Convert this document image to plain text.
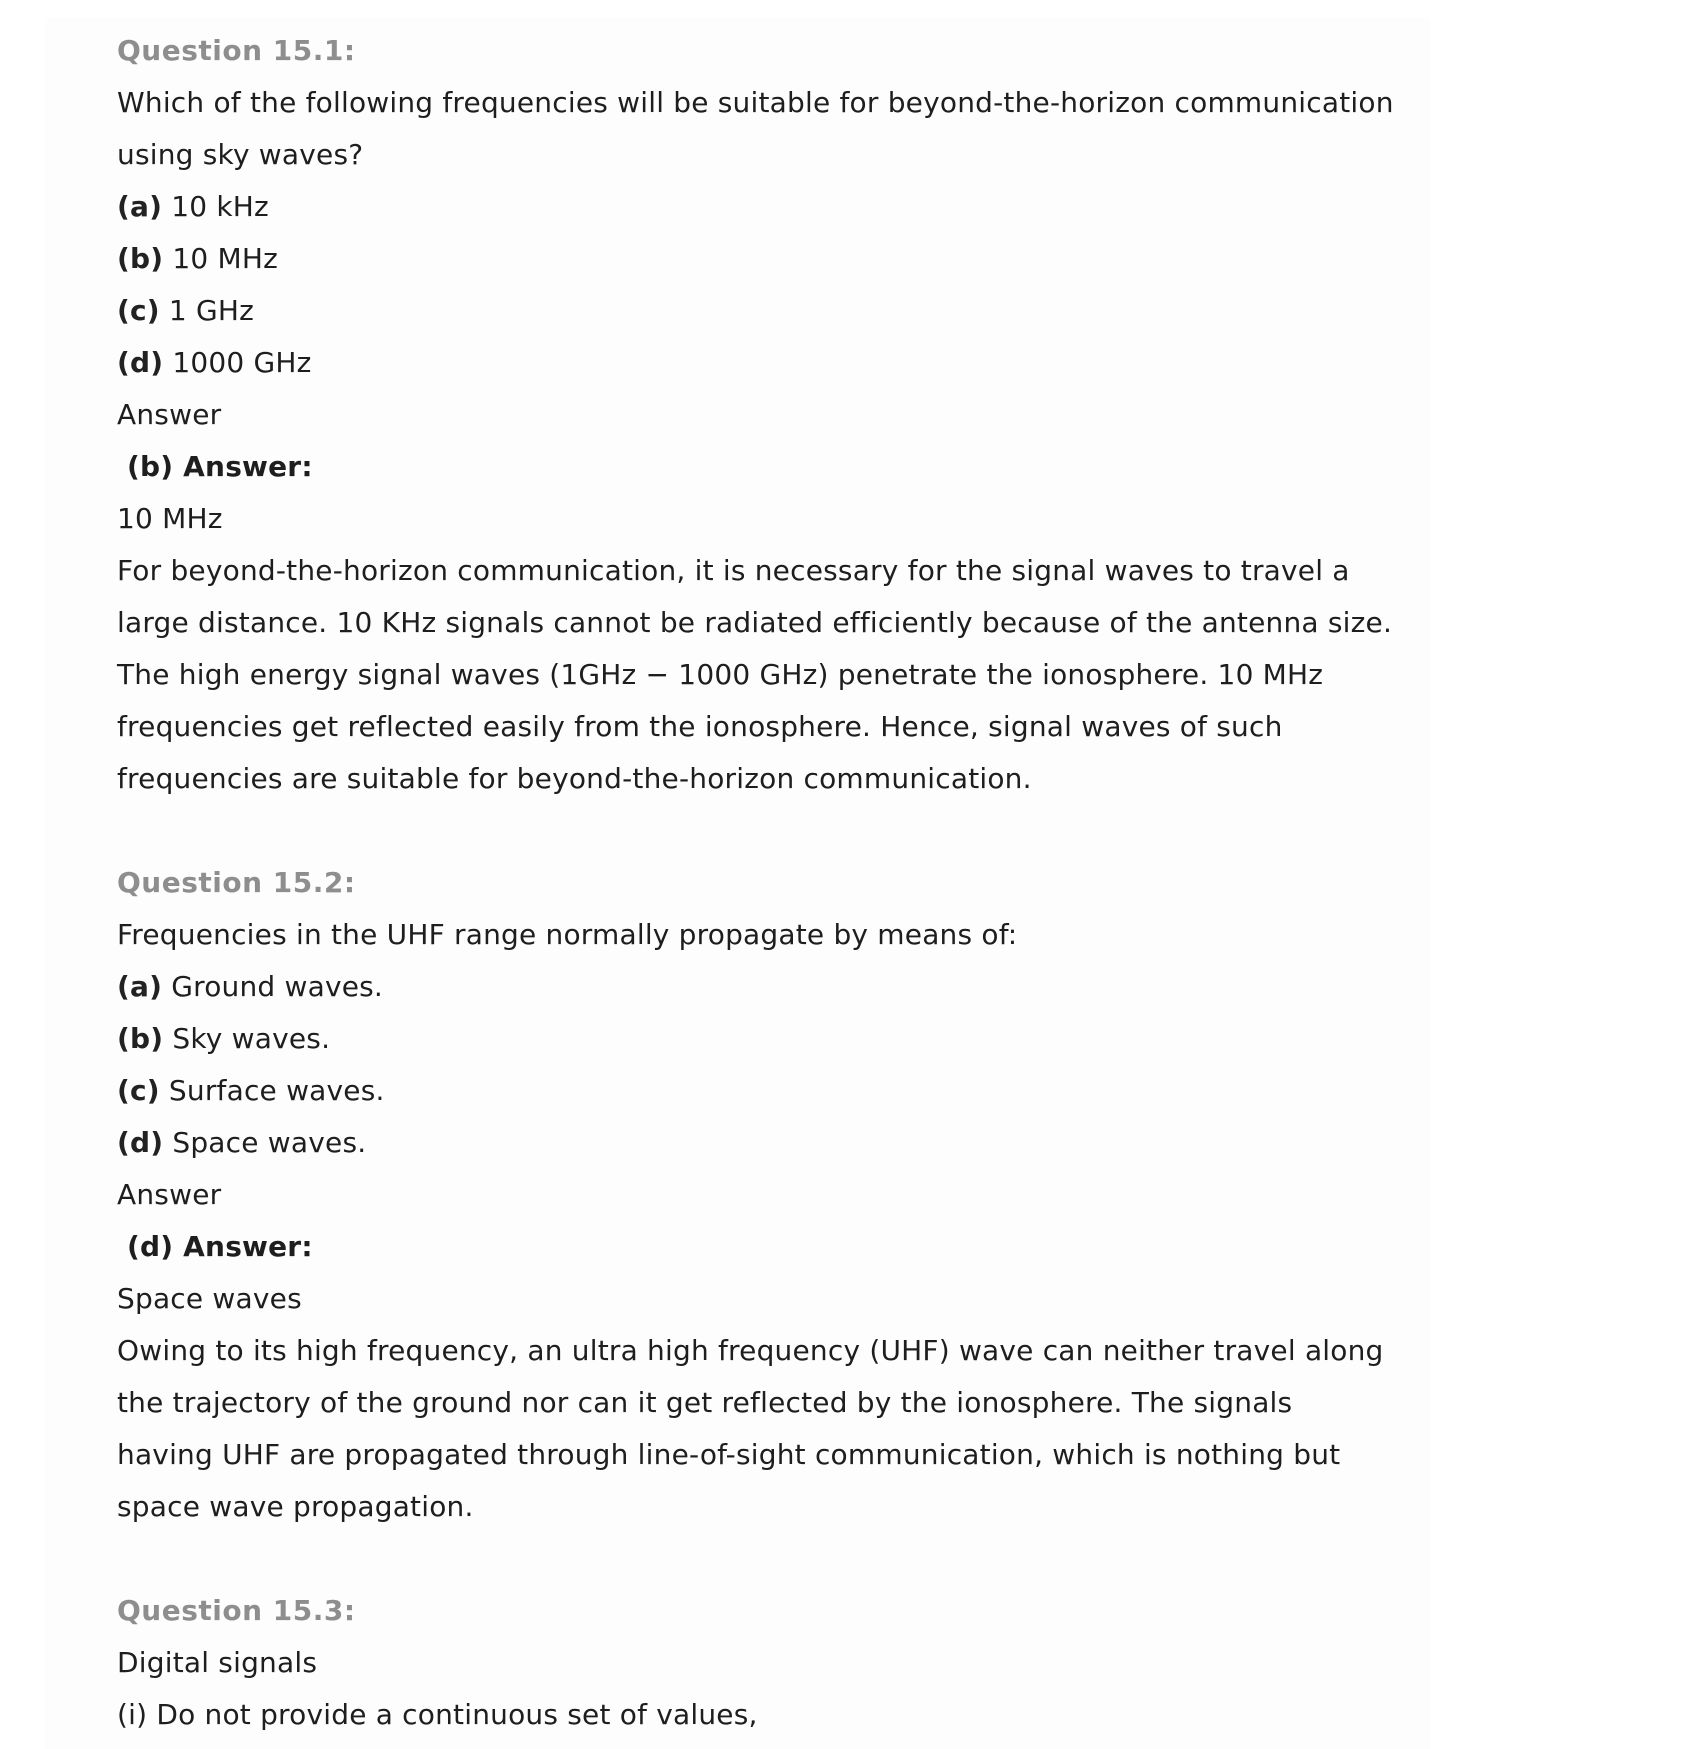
Question 15.1:
Which of the following frequencies will be suitable for beyond-the-horizon communication
using sky waves?
(a) 10 kHz
(b) 10 MHz
(c) 1 GHz
(d) 1000 GHz
Answer
(b) Answer:
10 MHz
For beyond-the-horizon communication, it is necessary for the signal waves to travel a
large distance. 10 KHz signals cannot be radiated efficiently because of the antenna size.
The high energy signal waves (1GHz − 1000 GHz) penetrate the ionosphere. 10 MHz
frequencies get reflected easily from the ionosphere. Hence, signal waves of such
frequencies are suitable for beyond-the-horizon communication.
Question 15.2:
Frequencies in the UHF range normally propagate by means of:
(a) Ground waves.
(b) Sky waves.
(c) Surface waves.
(d) Space waves.
Answer
(d) Answer:
Space waves
Owing to its high frequency, an ultra high frequency (UHF) wave can neither travel along
the trajectory of the ground nor can it get reflected by the ionosphere. The signals
having UHF are propagated through line-of-sight communication, which is nothing but
space wave propagation.
Question 15.3:
Digital signals
(i) Do not provide a continuous set of values,
